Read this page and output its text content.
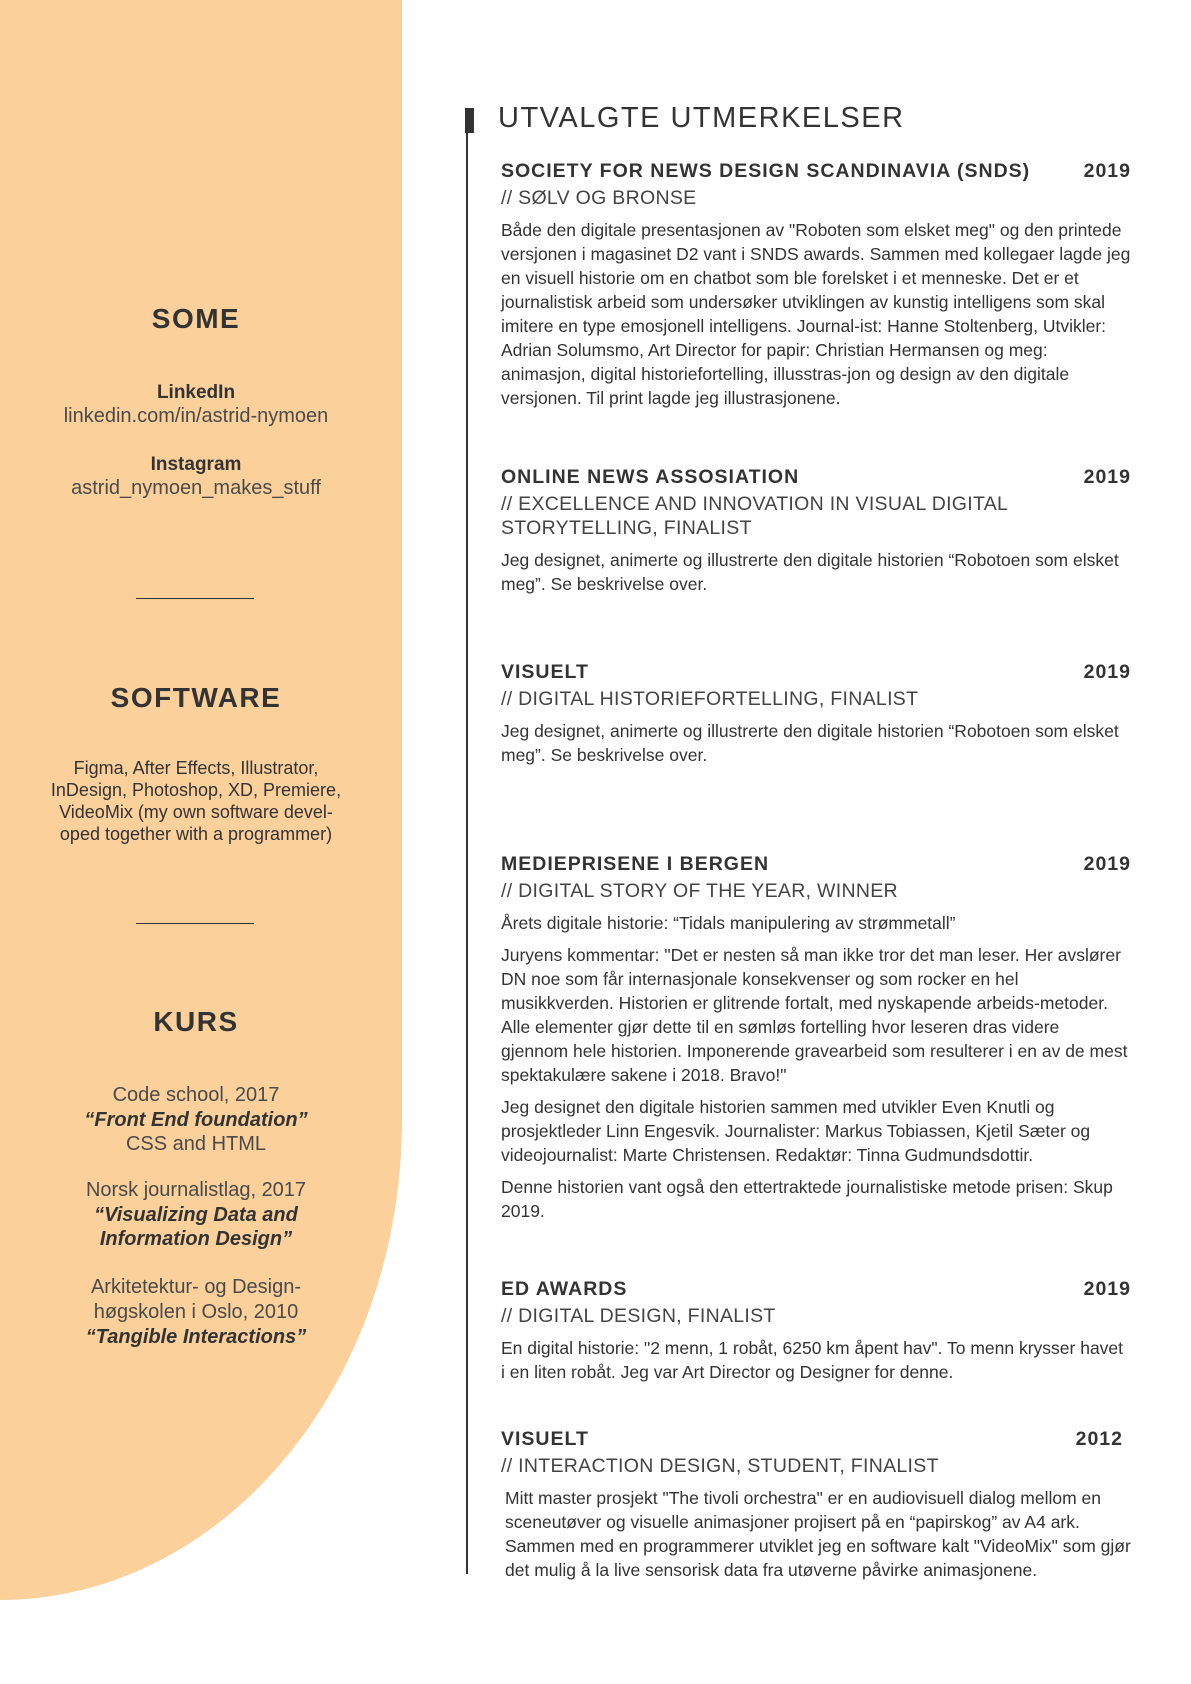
SOME
LinkedIn
linkedin.com/in/astrid-nymoen
Instagram
astrid_nymoen_makes_stuff
SOFTWARE
Figma, After Effects, Illustrator,
InDesign, Photoshop, XD, Premiere,
VideoMix (my own software devel-
oped together with a programmer)
KURS
Code school, 2017
“Front End foundation”
CSS and HTML
Norsk journalistlag, 2017
“Visualizing Data and
Information Design”
Arkitetektur- og Design-
høgskolen i Oslo, 2010
“Tangible Interactions”
UTVALGTE UTMERKELSER
SOCIETY FOR NEWS DESIGN SCANDINAVIA (SNDS)	2019
// SØLV OG BRONSE

Både den digitale presentasjonen av "Roboten som elsket meg" og den printede versjonen i magasinet D2 vant i SNDS awards. Sammen med kollegaer lagde jeg en visuell historie om en chatbot som ble forelsket i et menneske. Det er et journalistisk arbeid som undersøker utviklingen av kunstig intelligens som skal imitere en type emosjonell intelligens. Journal-ist: Hanne Stoltenberg, Utvikler: Adrian Solumsmo, Art Director for papir: Christian Hermansen og meg: animasjon, digital historiefortelling, illusstras-jon og design av den digitale versjonen. Til print lagde jeg illustrasjonene.

ONLINE NEWS ASSOSIATION	2019
// EXCELLENCE AND INNOVATION IN VISUAL DIGITAL STORYTELLING, FINALIST

Jeg designet, animerte og illustrerte den digitale historien “Robotoen som elsket meg”. Se beskrivelse over.

VISUELT	2019
// DIGITAL HISTORIEFORTELLING, FINALIST

Jeg designet, animerte og illustrerte den digitale historien “Robotoen som elsket meg”. Se beskrivelse over.

MEDIEPRISENE I BERGEN	2019
// DIGITAL STORY OF THE YEAR, WINNER

Årets digitale historie: “Tidals manipulering av strømmetall”

Juryens kommentar: "Det er nesten så man ikke tror det man leser. Her avslører DN noe som får internasjonale konsekvenser og som rocker en hel musikkverden. Historien er glitrende fortalt, med nyskapende arbeids-metoder. Alle elementer gjør dette til en sømløs fortelling hvor leseren dras videre gjennom hele historien. Imponerende gravearbeid som resulterer i en av de mest spektakulære sakene i 2018. Bravo!"

Jeg designet den digitale historien sammen med utvikler Even Knutli og prosjektleder Linn Engesvik. Journalister: Markus Tobiassen, Kjetil Sæter og videojournalist: Marte Christensen. Redaktør: Tinna Gudmundsdottir.

Denne historien vant også den ettertraktede journalistiske metode prisen: Skup 2019.

ED AWARDS	2019
// DIGITAL DESIGN, FINALIST

En digital historie: "2 menn, 1 robåt, 6250 km åpent hav". To menn krysser havet i en liten robåt. Jeg var Art Director og Designer for denne.

VISUELT	2012
// INTERACTION DESIGN, STUDENT, FINALIST

Mitt master prosjekt "The tivoli orchestra" er en audiovisuell dialog mellom en sceneutøver og visuelle animasjoner projisert på en “papirskog” av A4 ark. Sammen med en programmerer utviklet jeg en software kalt "VideoMix" som gjør det mulig å la live sensorisk data fra utøverne påvirke animasjonene.
